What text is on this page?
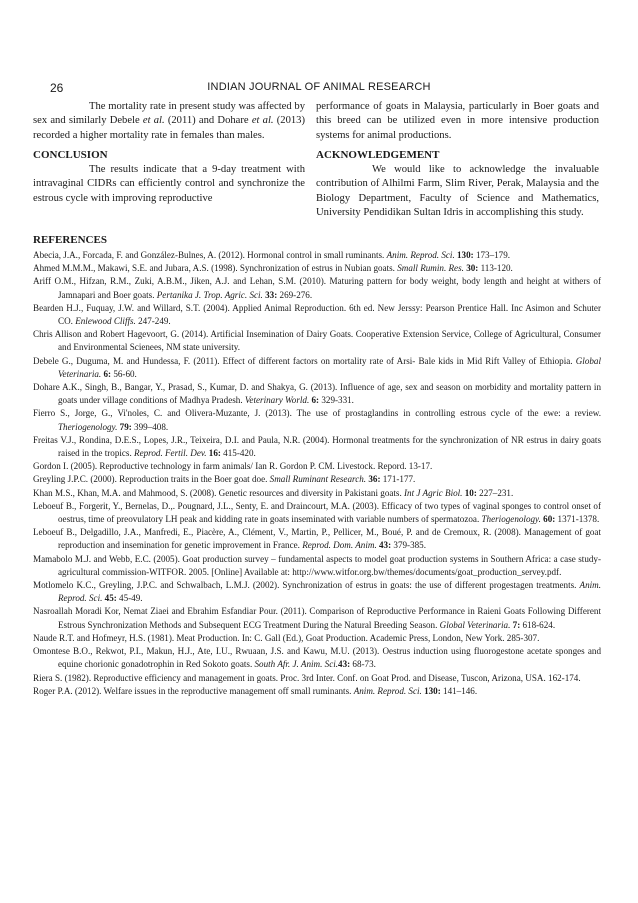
26	INDIAN JOURNAL OF ANIMAL RESEARCH

The mortality rate in present study was affected by sex and similarly Debele et al. (2011) and Dohare et al. (2013) recorded a higher mortality rate in females than males.

CONCLUSION

The results indicate that a 9-day treatment with intravaginal CIDRs can efficiently control and synchronize the estrous cycle with improving reproductive

performance of goats in Malaysia, particularly in Boer goats and this breed can be utilized even in more intensive production systems for animal productions.

ACKNOWLEDGEMENT

We would like to acknowledge the invaluable contribution of Alhilmi Farm, Slim River, Perak, Malaysia and the Biology Department, Faculty of Science and Mathematics, University Pendidikan Sultan Idris in accomplishing this study.

REFERENCES

Abecia, J.A., Forcada, F. and González-Bulnes, A. (2012). Hormonal control in small ruminants. Anim. Reprod. Sci. 130: 173–179.

Ahmed M.M.M., Makawi, S.E. and Jubara, A.S. (1998). Synchronization of estrus in Nubian goats. Small Rumin. Res. 30: 113-120.

Ariff O.M., Hifzan, R.M., Zuki, A.B.M., Jiken, A.J. and Lehan, S.M. (2010). Maturing pattern for body weight, body length and height at withers of Jamnapari and Boer goats. Pertanika J. Trop. Agric. Sci. 33: 269-276.

Bearden H.J., Fuquay, J.W. and Willard, S.T. (2004). Applied Animal Reproduction. 6th ed. New Jerssy: Pearson Prentice Hall. Inc Asimon and Schuter CO. Enlewood Cliffs. 247-249.

Chris Allison and Robert Hagevoort, G. (2014). Artificial Insemination of Dairy Goats. Cooperative Extension Service, College of Agricultural, Consumer and Environmental Scienees, NM state university.

Debele G., Duguma, M. and Hundessa, F. (2011). Effect of different factors on mortality rate of Arsi- Bale kids in Mid Rift Valley of Ethiopia. Global Veterinaria. 6: 56-60.

Dohare A.K., Singh, B., Bangar, Y., Prasad, S., Kumar, D. and Shakya, G. (2013). Influence of age, sex and season on morbidity and mortality pattern in goats under village conditions of Madhya Pradesh. Veterinary World. 6: 329-331.

Fierro S., Jorge, G., Vi'noles, C. and Olivera-Muzante, J. (2013). The use of prostaglandins in controlling estrous cycle of the ewe: a review. Theriogenology. 79: 399–408.

Freitas V.J., Rondina, D.E.S., Lopes, J.R., Teixeira, D.I. and Paula, N.R. (2004). Hormonal treatments for the synchronization of NR estrus in dairy goats raised in the tropics. Reprod. Fertil. Dev. 16: 415-420.

Gordon I. (2005). Reproductive technology in farm animals/ Ian R. Gordon P. CM. Livestock. Repord. 13-17.

Greyling J.P.C. (2000). Reproduction traits in the Boer goat doe. Small Ruminant Research. 36: 171-177.

Khan M.S., Khan, M.A. and Mahmood, S. (2008). Genetic resources and diversity in Pakistani goats. Int J Agric Biol. 10: 227–231.

Leboeuf B., Forgerit, Y., Bernelas, D.,. Pougnard, J.L., Senty, E. and Draincourt, M.A. (2003). Efficacy of two types of vaginal sponges to control onset of oestrus, time of preovulatory LH peak and kidding rate in goats inseminated with variable numbers of spermatozoa. Theriogenology. 60: 1371-1378.

Leboeuf B., Delgadillo, J.A., Manfredi, E., Piacère, A., Clément, V., Martin, P., Pellicer, M., Boué, P. and de Cremoux, R. (2008). Management of goat reproduction and insemination for genetic improvement in France. Reprod. Dom. Anim. 43: 379-385.

Mamabolo M.J. and Webb, E.C. (2005). Goat production survey – fundamental aspects to model goat production systems in Southern Africa: a case study-agricultural commission-WITFOR. 2005. [Online] Available at: http://www.witfor.org.bw/themes/documents/goat_production_servey.pdf.

Motlomelo K.C., Greyling, J.P.C. and Schwalbach, L.M.J. (2002). Synchronization of estrus in goats: the use of different progestagen treatments. Anim. Reprod. Sci. 45: 45-49.

Nasroallah Moradi Kor, Nemat Ziaei and Ebrahim Esfandiar Pour. (2011). Comparison of Reproductive Performance in Raieni Goats Following Different Estrous Synchronization Methods and Subsequent ECG Treatment During the Natural Breeding Season. Global Veterinaria. 7: 618-624.

Naude R.T. and Hofmeyr, H.S. (1981). Meat Production. In: C. Gall (Ed.), Goat Production. Academic Press, London, New York. 285-307.

Omontese B.O., Rekwot, P.I., Makun, H.J., Ate, I.U., Rwuaan, J.S. and Kawu, M.U. (2013). Oestrus induction using fluorogestone acetate sponges and equine chorionic gonadotrophin in Red Sokoto goats. South Afr. J. Anim. Sci.43: 68-73.

Riera S. (1982). Reproductive efficiency and management in goats. Proc. 3rd Inter. Conf. on Goat Prod. and Disease, Tuscon, Arizona, USA. 162-174.

Roger P.A. (2012). Welfare issues in the reproductive management off small ruminants. Anim. Reprod. Sci. 130: 141–146.
